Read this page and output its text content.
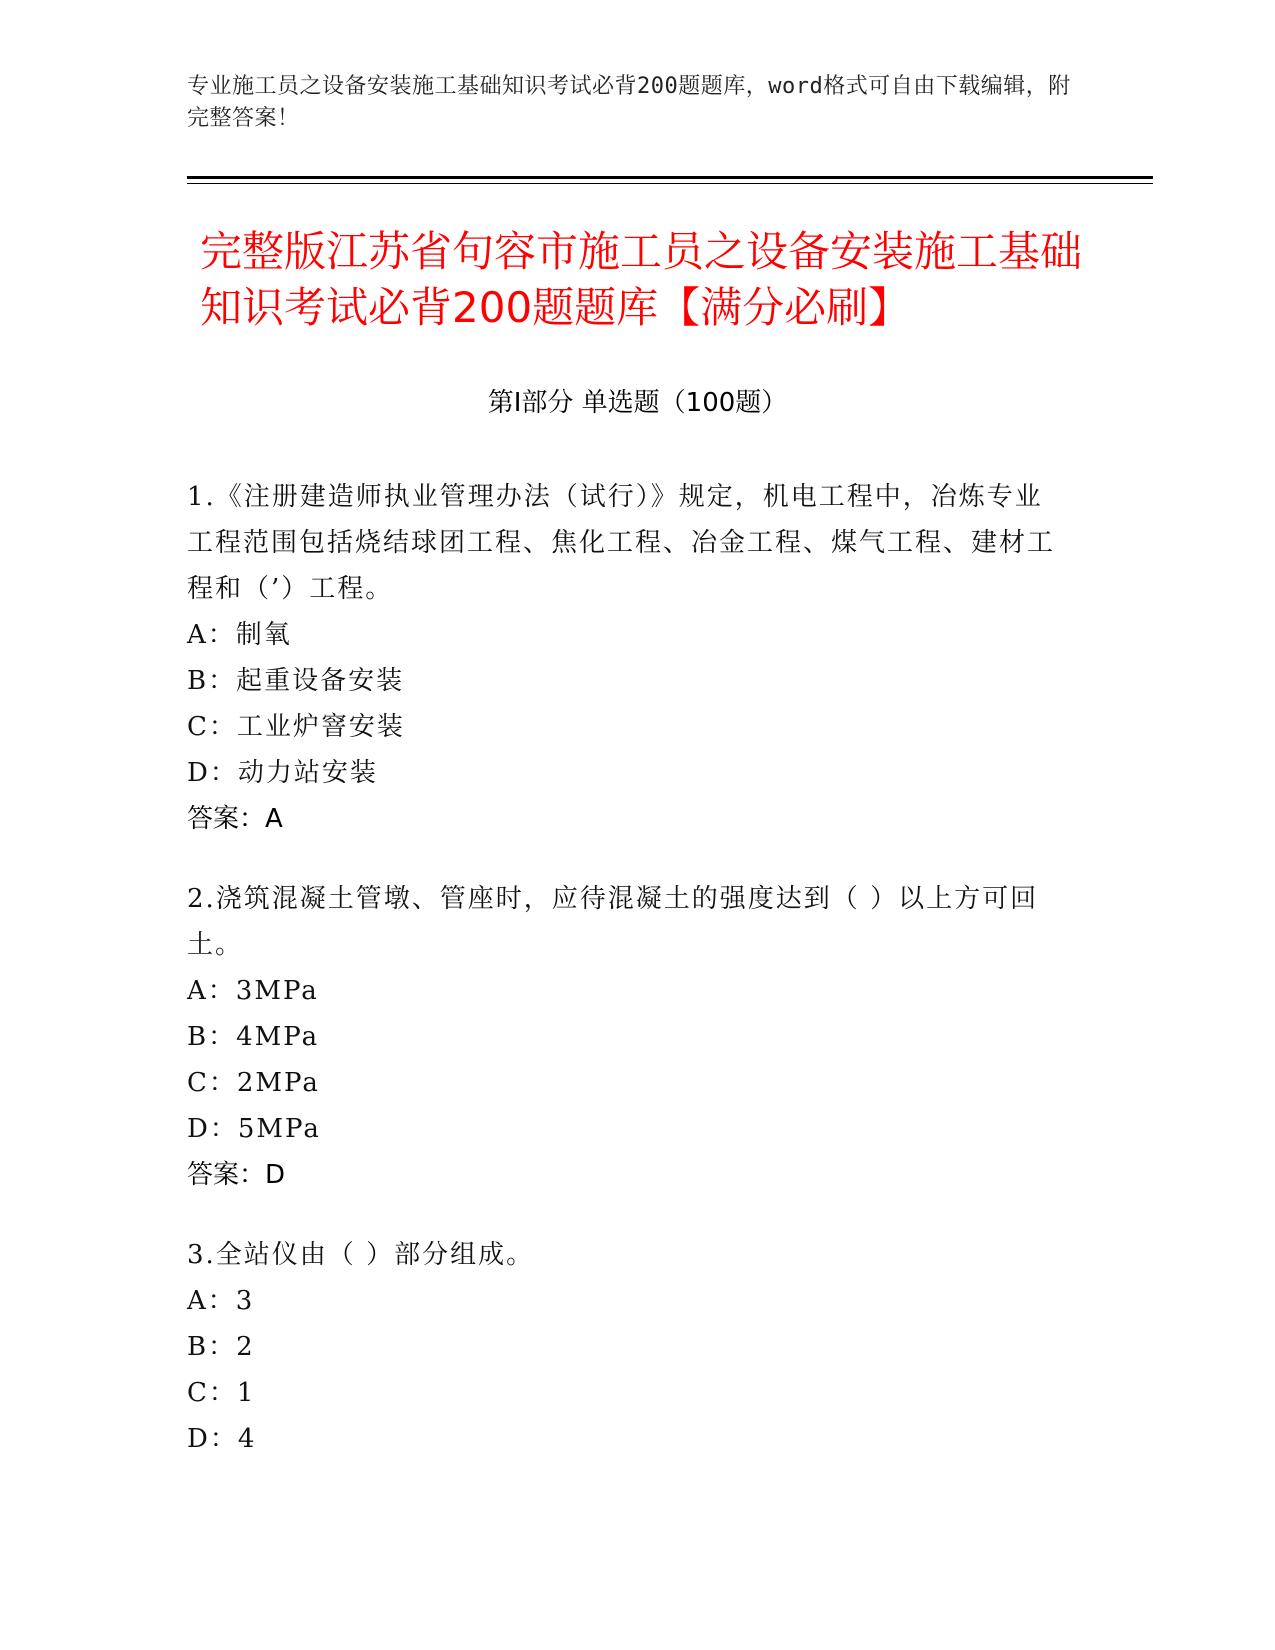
专业施工员之设备安装施工基础知识考试必背200题题库，word格式可自由下载编辑，附完整答案！
完整版江苏省句容市施工员之设备安装施工基础知识考试必背200题题库【满分必刷】
第I部分 单选题（100题）
1.《注册建造师执业管理办法（试行）》规定，机电工程中，冶炼专业工程范围包括烧结球团工程、焦化工程、冶金工程、煤气工程、建材工程和（’）工程。
A：制氧
B：起重设备安装
C：工业炉窨安装
D：动力站安装
答案：A
2.浇筑混凝土管墩、管座时，应待混凝土的强度达到（ ）以上方可回土。
A：3MPa
B：4MPa
C：2MPa
D：5MPa
答案：D
3.全站仪由（ ）部分组成。
A：3
B：2
C：1
D：4
